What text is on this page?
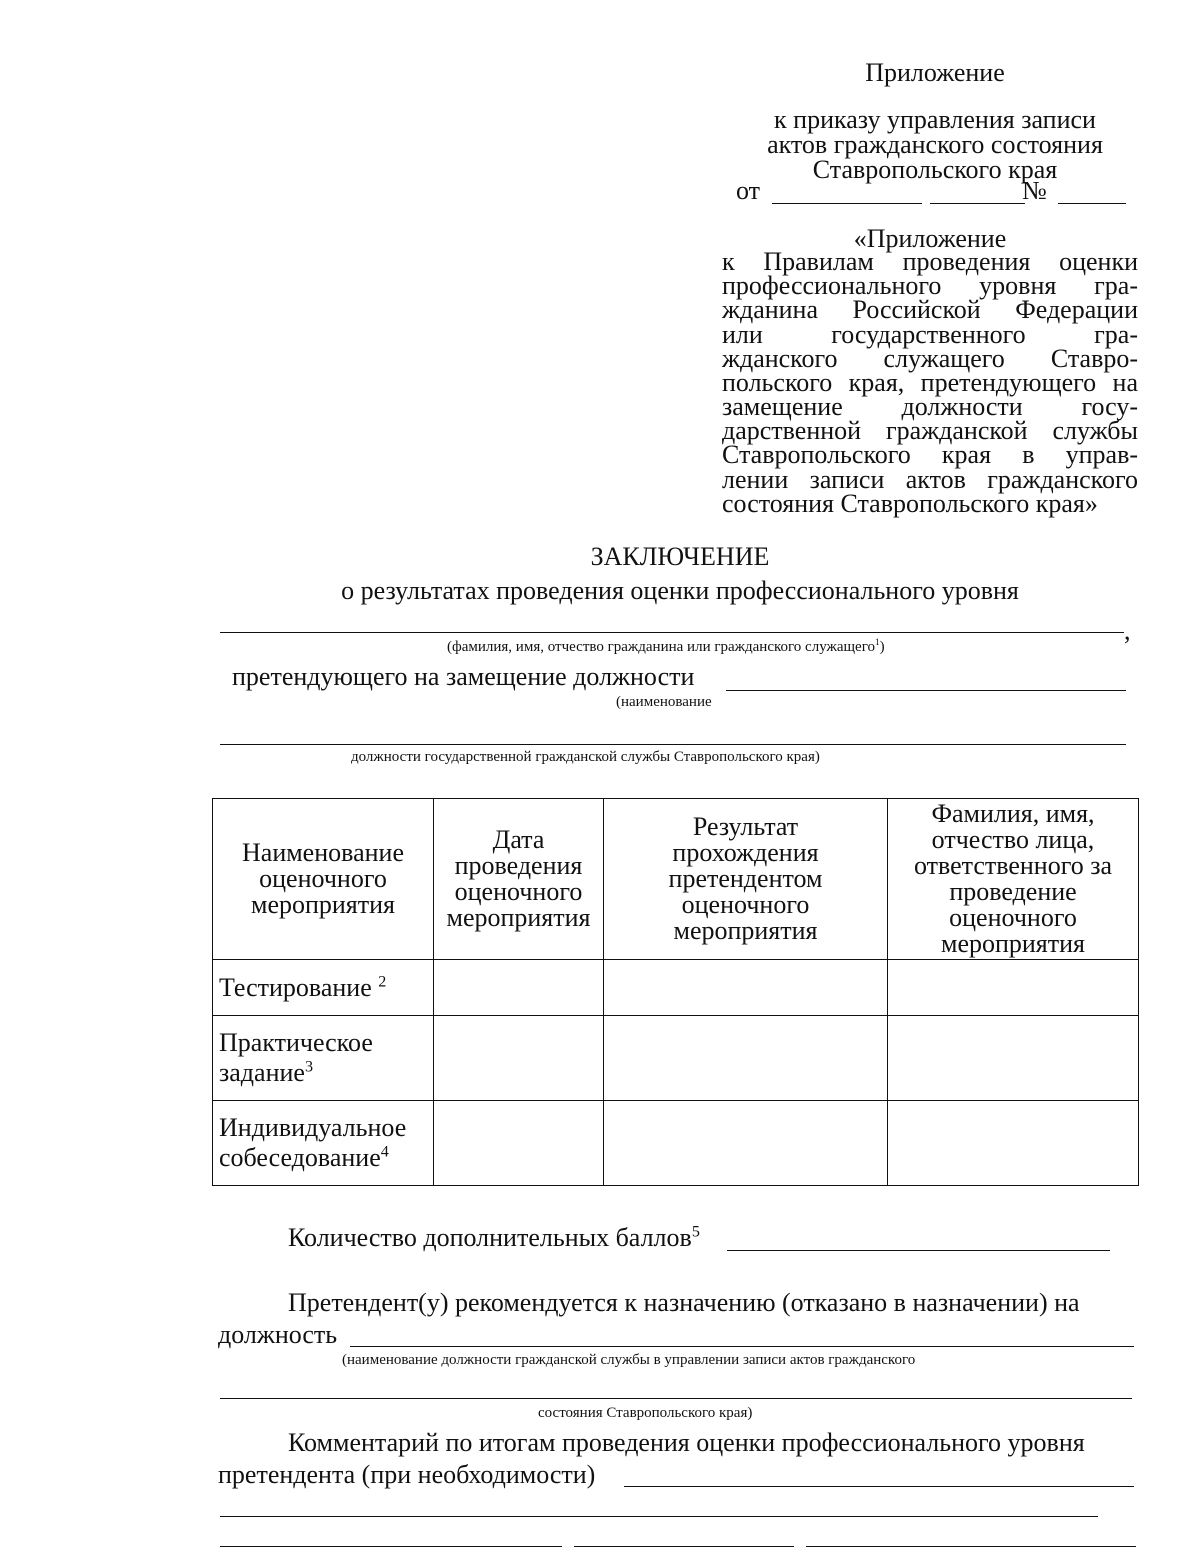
Приложение
к приказу управления записи
актов гражданского состояния
Ставропольского края
от	№
«Приложение
к Правилам проведения оценки
профессионального уровня гра-
жданина Российской Федерации
или государственного гра-
жданского служащего Ставро-
польского края, претендующего на
замещение должности госу-
дарственной гражданской службы
Ставропольского края в управ-
лении записи актов гражданского
состояния Ставропольского края»
ЗАКЛЮЧЕНИЕ
о результатах проведения оценки профессионального уровня
,
(фамилия, имя, отчество гражданина или гражданского служащего$^1$)
претендующего на замещение должности
(наименование
должности государственной гражданской службы Ставропольского края)
Наименование оценочного мероприятия	Дата проведения оценочного мероприятия	Результат прохождения претендентом оценочного мероприятия	Фамилия, имя, отчество лица, ответственного за проведение оценочного мероприятия
Тестирование $^2$			
Практическое задание$^3$			
Индивидуальное собеседование$^4$			
Количество дополнительных баллов$^5$
Претендент(у) рекомендуется к назначению (отказано в назначении) на
должность
(наименование должности гражданской службы в управлении записи актов гражданского
состояния Ставропольского края)
Комментарий по итогам проведения оценки профессионального уровня
претендента (при необходимости)
